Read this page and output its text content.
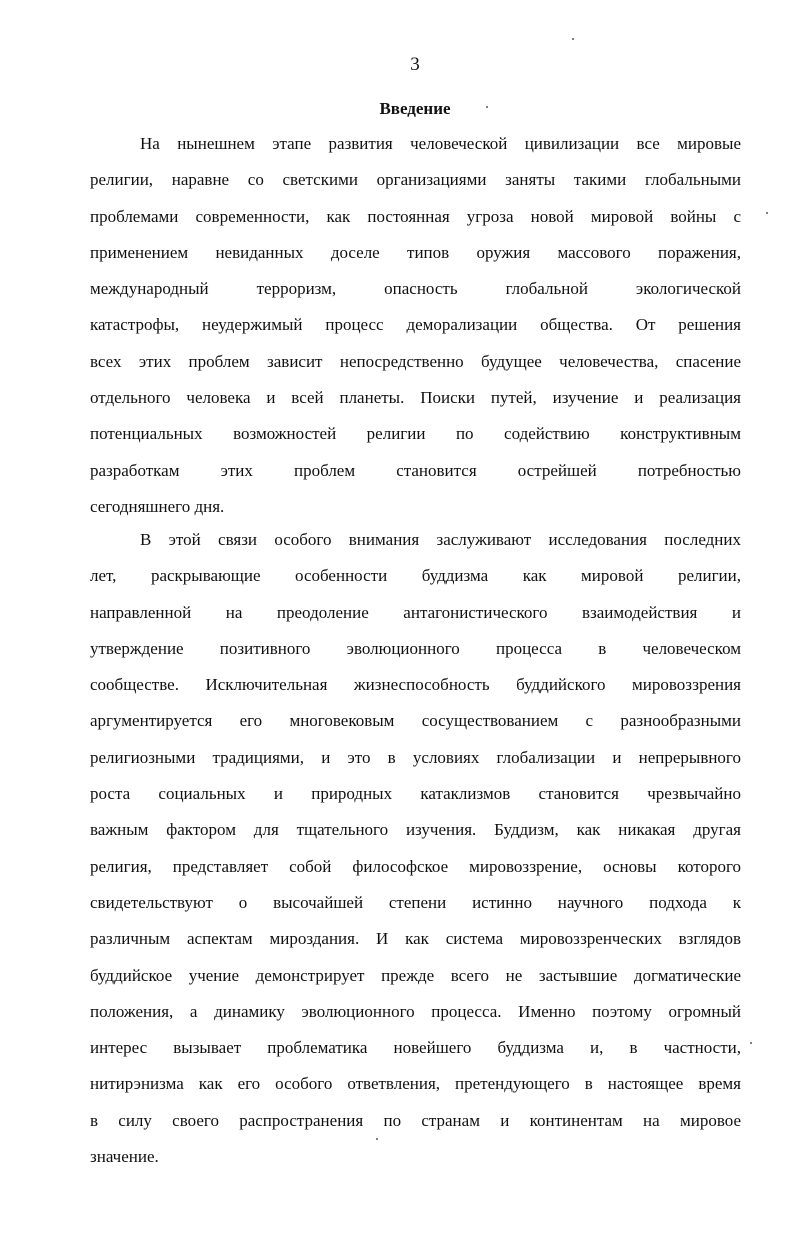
3
Введение
На нынешнем этапе развития человеческой цивилизации все мировые
религии, наравне со светскими организациями заняты такими глобальными
проблемами современности, как постоянная угроза новой мировой войны с
применением невиданных доселе типов оружия массового поражения,
международный терроризм, опасность глобальной экологической
катастрофы, неудержимый процесс деморализации общества. От решения
всех этих проблем зависит непосредственно будущее человечества, спасение
отдельного человека и всей планеты. Поиски путей, изучение и реализация
потенциальных возможностей религии по содействию конструктивным
разработкам этих проблем становится острейшей потребностью
сегодняшнего дня.
В этой связи особого внимания заслуживают исследования последних
лет, раскрывающие особенности буддизма как мировой религии,
направленной на преодоление антагонистического взаимодействия и
утверждение позитивного эволюционного процесса в человеческом
сообществе. Исключительная жизнеспособность буддийского мировоззрения
аргументируется его многовековым сосуществованием с разнообразными
религиозными традициями, и это в условиях глобализации и непрерывного
роста социальных и природных катаклизмов становится чрезвычайно
важным фактором для тщательного изучения. Буддизм, как никакая другая
религия, представляет собой философское мировоззрение, основы которого
свидетельствуют о высочайшей степени истинно научного подхода к
различным аспектам мироздания. И как система мировоззренческих взглядов
буддийское учение демонстрирует прежде всего не застывшие догматические
положения, а динамику эволюционного процесса. Именно поэтому огромный
интерес вызывает проблематика новейшего буддизма и, в частности,
нитирэнизма как его особого ответвления, претендующего в настоящее время
в силу своего распространения по странам и континентам на мировое
значение.
